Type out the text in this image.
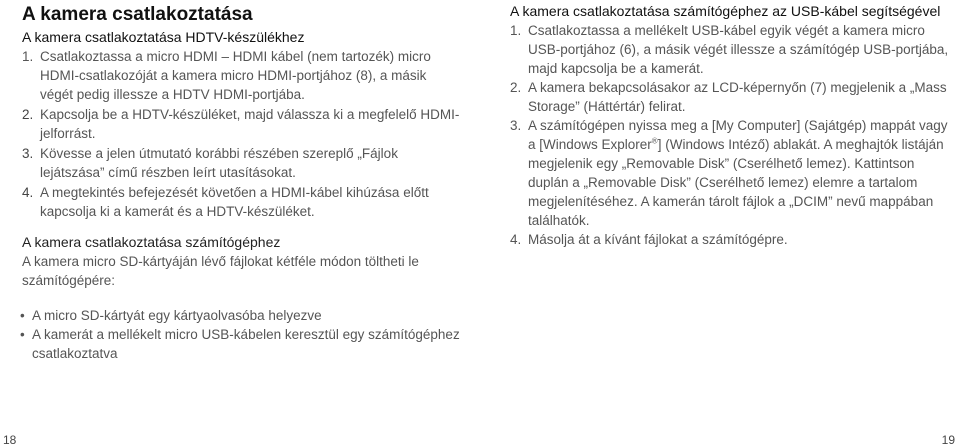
A kamera csatlakoztatása

A kamera csatlakoztatása HDTV-készülékhez

1. Csatlakoztassa a micro HDMI – HDMI kábel (nem tartozék) micro HDMI-csatlakozóját a kamera micro HDMI-portjához (8), a másik végét pedig illessze a HDTV HDMI-portjába.
2. Kapcsolja be a HDTV-készüléket, majd válassza ki a megfelelő HDMI-jelforrást.
3. Kövesse a jelen útmutató korábbi részében szereplő „Fájlok lejátszása” című részben leírt utasításokat.
4. A megtekintés befejezését követően a HDMI-kábel kihúzása előtt kapcsolja ki a kamerát és a HDTV-készüléket.

A kamera csatlakoztatása számítógéphez

A kamera micro SD-kártyáján lévő fájlokat kétféle módon töltheti le számítógépére:

• A micro SD-kártyát egy kártyaolvasóba helyezve
• A kamerát a mellékelt micro USB-kábelen keresztül egy számítógéphez csatlakoztatva

A kamera csatlakoztatása számítógéphez az USB-kábel segítségével

1. Csatlakoztassa a mellékelt USB-kábel egyik végét a kamera micro USB-portjához (6), a másik végét illessze a számítógép USB-portjába, majd kapcsolja be a kamerát.
2. A kamera bekapcsolásakor az LCD-képernyőn (7) megjelenik a „Mass Storage” (Háttértár) felirat.
3. A számítógépen nyissa meg a [My Computer] (Sajátgép) mappát vagy a [Windows Explorer®] (Windows Intéző) ablakát. A meghajtók listáján megjelenik egy „Removable Disk” (Cserélhető lemez). Kattintson duplán a „Removable Disk” (Cserélhető lemez) elemre a tartalom megjelenítéséhez. A kamerán tárolt fájlok a „DCIM” nevű mappában találhatók.
4. Másolja át a kívánt fájlokat a számítógépre.
18	19
